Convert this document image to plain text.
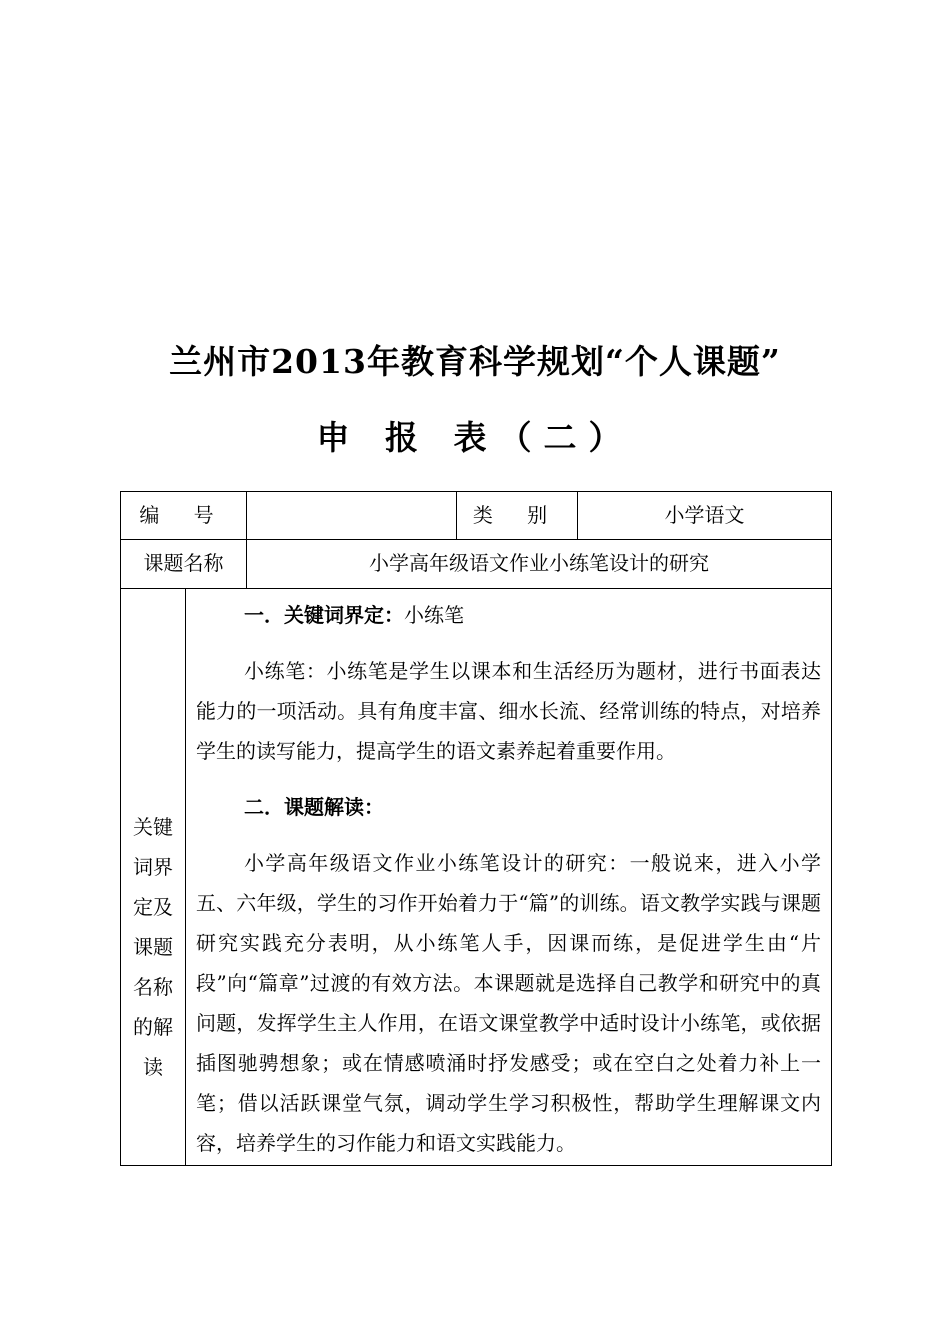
兰州市2013年教育科学规划“个人课题”
申 报 表（二）
编 号			类 别	小学语文

课题名称		小学高年级语文作业小练笔设计的研究		

关键词界定及课题名称的解读	一．关键词界定：小练笔

小练笔：小练笔是学生以课本和生活经历为题材，进行书面表达能力的一项活动。具有角度丰富、细水长流、经常训练的特点，对培养学生的读写能力，提高学生的语文素养起着重要作用。

二．课题解读：

小学高年级语文作业小练笔设计的研究：一般说来，进入小学五、六年级，学生的习作开始着力于“篇”的训练。语文教学实践与课题研究实践充分表明，从小练笔人手，因课而练，是促进学生由“片段”向“篇章”过渡的有效方法。本课题就是选择自己教学和研究中的真问题，发挥学生主人作用，在语文课堂教学中适时设计小练笔，或依据插图驰骋想象；或在情感喷涌时抒发感受；或在空白之处着力补上一笔；借以活跃课堂气氛，调动学生学习积极性，帮助学生理解课文内容，培养学生的习作能力和语文实践能力。			
